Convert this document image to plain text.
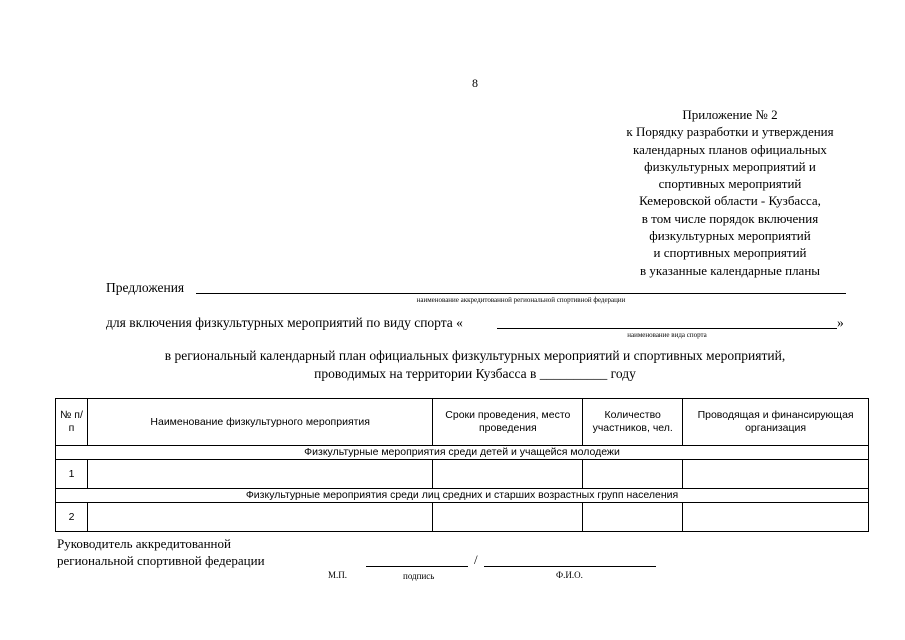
8
Приложение № 2
к Порядку разработки и утверждения
календарных планов официальных
физкультурных мероприятий и
спортивных мероприятий
Кемеровской области - Кузбасса,
в том числе порядок включения
физкультурных мероприятий
и спортивных мероприятий
в указанные календарные планы
Предложения
наименование аккредитованной региональной спортивной федерации
для включения физкультурных мероприятий по виду спорта «	»
наименование вида спорта
в региональный календарный план официальных физкультурных мероприятий и спортивных мероприятий,
проводимых на территории Кузбасса в __________ году
№ п/п	Наименование физкультурного мероприятия	Сроки проведения, место проведения	Количество участников, чел.	Проводящая и финансирующая организация
Физкультурные мероприятия среди детей и учащейся молодежи				
1				
Физкультурные мероприятия среди лиц средних и старших возрастных групп населения				
2				
Руководитель аккредитованной
региональной спортивной федерации	/
М.П.	подпись	Ф.И.О.
